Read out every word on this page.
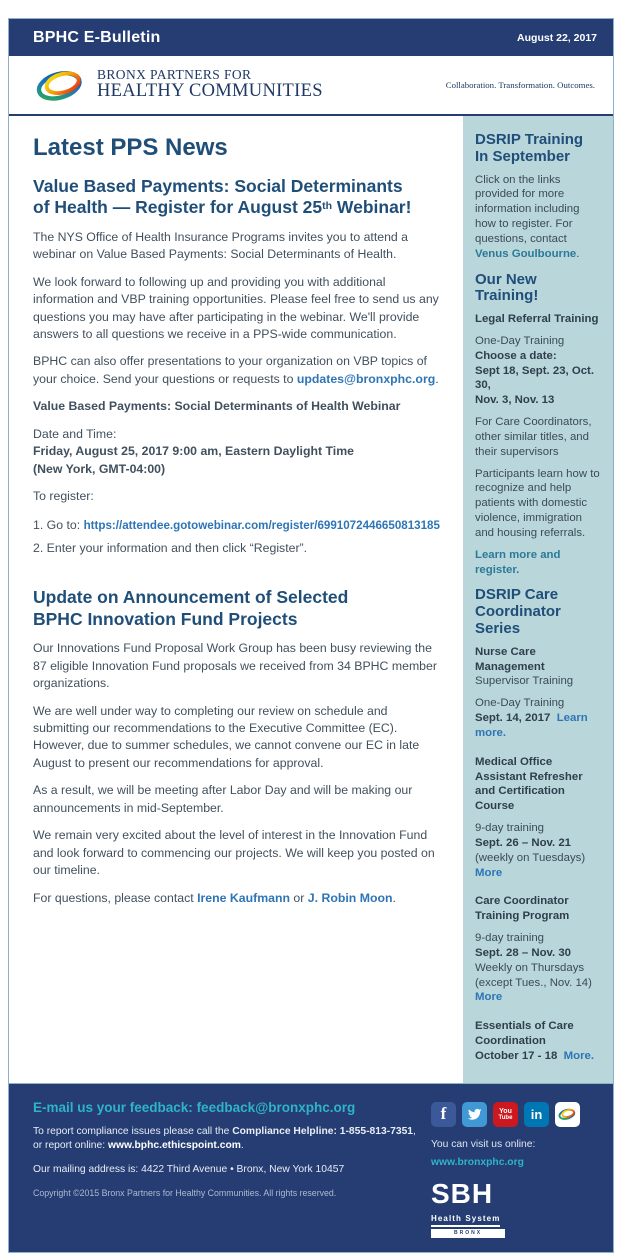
BPHC E-Bulletin	August 22, 2017
BRONX PARTNERS FOR
HEALTHY COMMUNITIES	Collaboration. Transformation. Outcomes.
Latest PPS News
Value Based Payments: Social Determinants
of Health — Register for August 25th Webinar!

The NYS Office of Health Insurance Programs invites you to attend a webinar on Value Based Payments: Social Determinants of Health.

We look forward to following up and providing you with additional information and VBP training opportunities. Please feel free to send us any questions you may have after participating in the webinar. We'll provide answers to all questions we receive in a PPS-wide communication.

BPHC can also offer presentations to your organization on VBP topics of your choice. Send your questions or requests to updates@bronxphc.org.

Value Based Payments: Social Determinants of Health Webinar

Date and Time:
Friday, August 25, 2017 9:00 am, Eastern Daylight Time
(New York, GMT-04:00)

To register:

1. Go to: https://attendee.gotowebinar.com/register/6991072446650813185
2. Enter your information and then click “Register”.
Update on Announcement of Selected
BPHC Innovation Fund Projects

Our Innovations Fund Proposal Work Group has been busy reviewing the 87 eligible Innovation Fund proposals we received from 34 BPHC member organizations.

We are well under way to completing our review on schedule and submitting our recommendations to the Executive Committee (EC). However, due to summer schedules, we cannot convene our EC in late August to present our recommendations for approval.

As a result, we will be meeting after Labor Day and will be making our announcements in mid-September.

We remain very excited about the level of interest in the Innovation Fund and look forward to commencing our projects. We will keep you posted on our timeline.

For questions, please contact Irene Kaufmann or J. Robin Moon.

DSRIP Training
In September

Click on the links provided for more information including how to register. For questions, contact Venus Goulbourne.

Our New Training!

Legal Referral Training

One-Day Training
Choose a date:
Sept 18, Sept. 23, Oct. 30,
Nov. 3, Nov. 13

For Care Coordinators, other similar titles, and their supervisors

Participants learn how to recognize and help patients with domestic violence, immigration and housing referrals.

Learn more and register.

DSRIP Care
Coordinator Series

Nurse Care Management
Supervisor Training

One-Day Training
Sept. 14, 2017 Learn more.

Medical Office Assistant Refresher and Certification Course

9-day training
Sept. 26 – Nov. 21
(weekly on Tuesdays)  More

Care Coordinator
Training Program

9-day training
Sept. 28 – Nov. 30
Weekly on Thursdays
(except Tues., Nov. 14)  More

Essentials of Care
Coordination
October 17 - 18 More.

E-mail us your feedback: feedback@bronxphc.org

To report compliance issues please call the Compliance Helpline: 1-855-813-7351, or report online: www.bphc.ethicspoint.com.

Our mailing address is: 4422 Third Avenue • Bronx, New York 10457

Copyright ©2015 Bronx Partners for Healthy Communities. All rights reserved.
f	You
Tube in
You can visit us online:
www.bronxphc.org
SBH
Health System
BRONX
